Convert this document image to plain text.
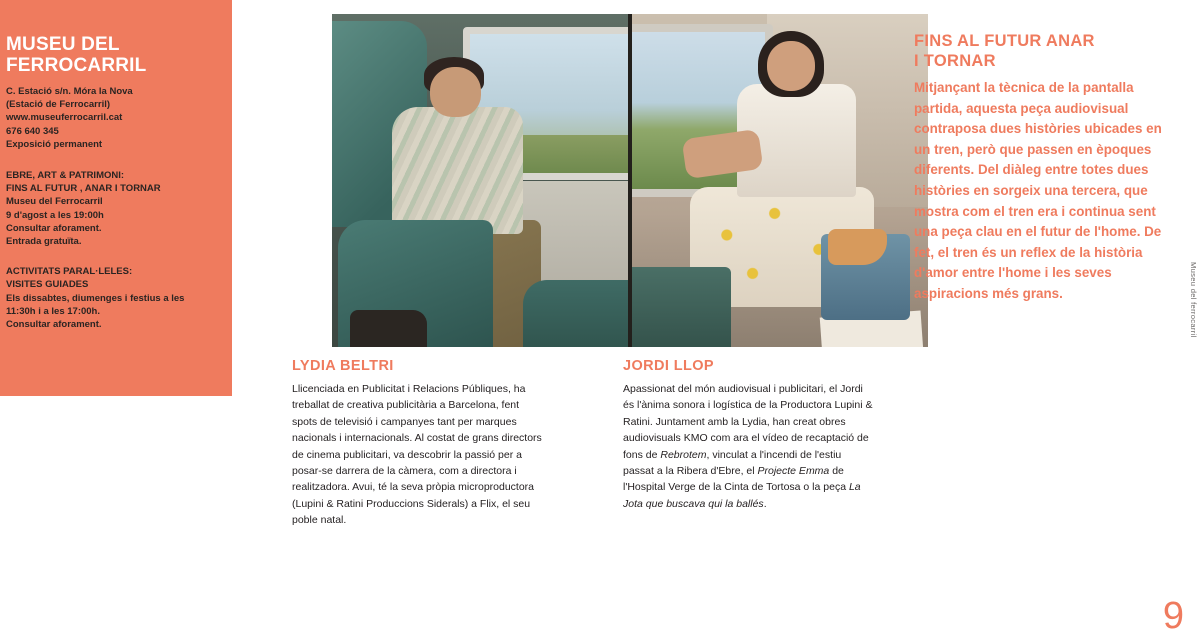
MUSEU DEL
FERROCARRIL
C. Estació s/n. Móra la Nova
(Estació de Ferrocarril)
www.museuferrocarril.cat
676 640 345
Exposició permanent

EBRE, ART & PATRIMONI:

FINS AL FUTUR , ANAR I TORNAR

Museu del Ferrocarril

9 d'agost a les 19:00h

Consultar aforament.

Entrada gratuïta.

ACTIVITATS PARAL·LELES:

VISITES GUIADES

Els dissabtes, diumenges i festius a les

11:30h i a les 17:00h.

Consultar aforament.

LYDIA BELTRI

Llicenciada en Publicitat i Relacions Públiques, ha treballat de creativa publicitària a Barcelona, fent spots de televisió i campanyes tant per marques nacionals i internacionals. Al costat de grans directors de cinema publicitari, va descobrir la passió per a posar-se darrera de la càmera, com a directora i realitzadora. Avui, té la seva pròpia microproductora (Lupini & Ratini Produccions Siderals) a Flix, el seu poble natal.

JORDI LLOP

Apassionat del món audiovisual i publicitari, el Jordi és l'ànima sonora i logística de la Productora Lupini & Ratini. Juntament amb la Lydia, han creat obres audiovisuals KMO com ara el vídeo de recaptació de fons de Rebrotem, vinculat a l'incendi de l'estiu passat a la Ribera d'Ebre, el Projecte Emma de l'Hospital Verge de la Cinta de Tortosa o la peça La Jota que buscava qui la ballés.

FINS AL FUTUR ANAR
I TORNAR

Mitjançant la tècnica de la pantalla partida, aquesta peça audiovisual contraposa dues històries ubicades en un tren, però que passen en èpoques diferents. Del diàleg entre totes dues històries en sorgeix una tercera, que mostra com el tren era i continua sent una peça clau en el futur de l'home. De fet, el tren és un reflex de la història d'amor entre l'home i les seves aspiracions més grans.	Museu del ferrocarril
9
